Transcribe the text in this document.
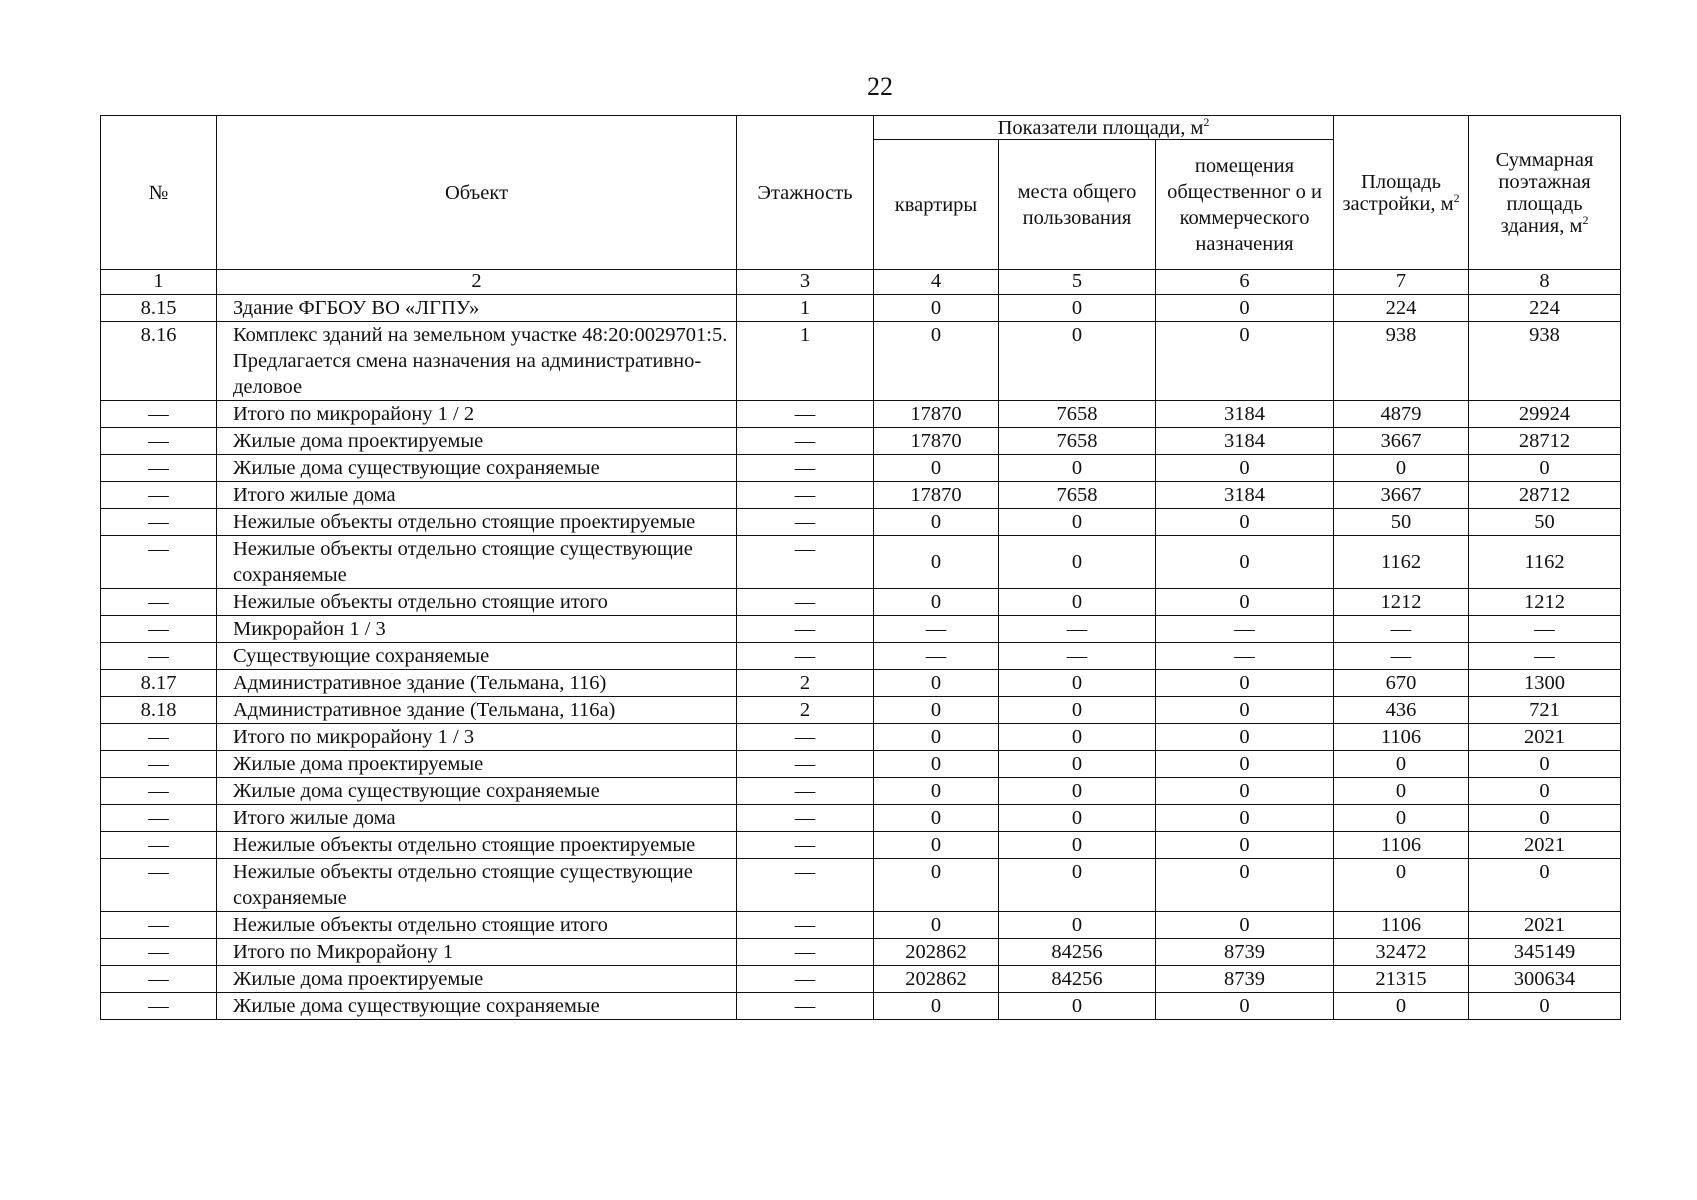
22
№	Объект	Этажность	Показатели площади, $м^2$			Площадь застройки, $м^2$	Суммарная поэтажная площадь здания, $м^2$
			квартиры	места общего пользования	помещения общественног о и коммерческого назначения		
1	2	3	4	5	6	7	8
8.15	Здание ФГБОУ ВО «ЛГПУ»	1	0	0	0	224	224
8.16	Комплекс зданий на земельном участке 48:20:0029701:5. Предлагается смена назначения на административно-деловое	1	0	0	0	938	938
—	Итого по микрорайону 1 / 2	—	17870	7658	3184	4879	29924
—	Жилые дома проектируемые	—	17870	7658	3184	3667	28712
—	Жилые дома существующие сохраняемые	—	0	0	0	0	0
—	Итого жилые дома	—	17870	7658	3184	3667	28712
—	Нежилые объекты отдельно стоящие проектируемые	—	0	0	0	50	50
—	Нежилые объекты отдельно стоящие существующие сохраняемые	—	0	0	0	1162	1162
—	Нежилые объекты отдельно стоящие итого	—	0	0	0	1212	1212
—	Микрорайон 1 / 3	—	—	—	—	—	—
—	Существующие сохраняемые	—	—	—	—	—	—
8.17	Административное здание (Тельмана, 116)	2	0	0	0	670	1300
8.18	Административное здание (Тельмана, 116а)	2	0	0	0	436	721
—	Итого по микрорайону 1 / 3	—	0	0	0	1106	2021
—	Жилые дома проектируемые	—	0	0	0	0	0
—	Жилые дома существующие сохраняемые	—	0	0	0	0	0
—	Итого жилые дома	—	0	0	0	0	0
—	Нежилые объекты отдельно стоящие проектируемые	—	0	0	0	1106	2021
—	Нежилые объекты отдельно стоящие существующие сохраняемые	—	0	0	0	0	0
—	Нежилые объекты отдельно стоящие итого	—	0	0	0	1106	2021
—	Итого по Микрорайону 1	—	202862	84256	8739	32472	345149
—	Жилые дома проектируемые	—	202862	84256	8739	21315	300634
—	Жилые дома существующие сохраняемые	—	0	0	0	0	0
